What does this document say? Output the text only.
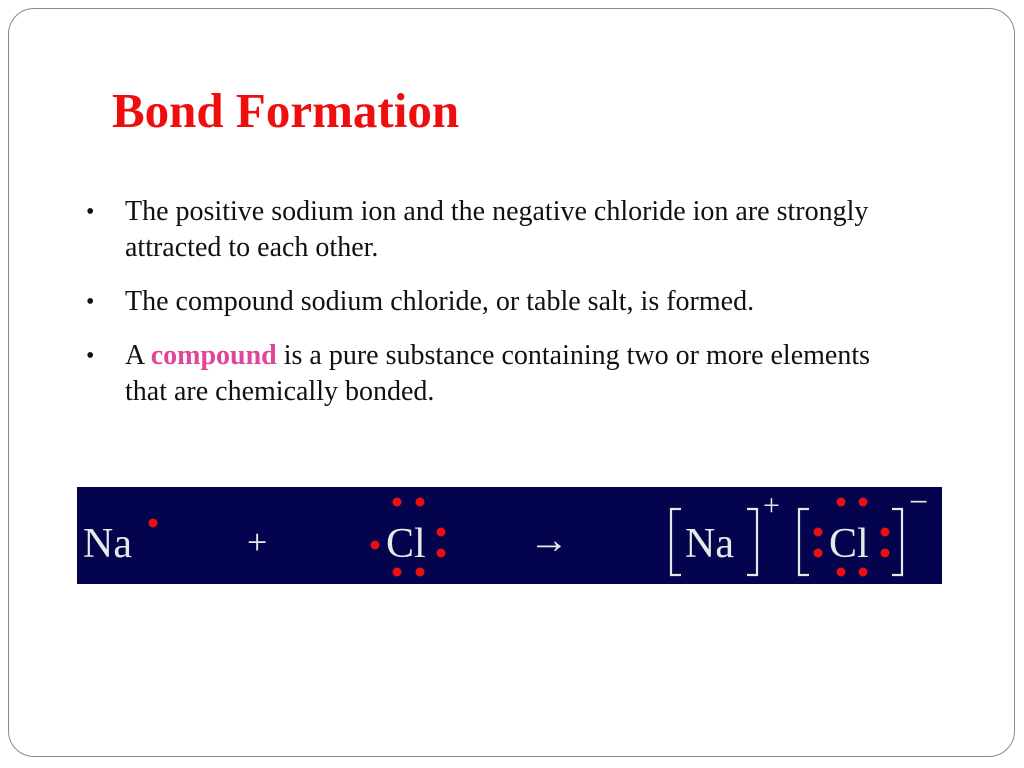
Bond Formation
• The positive sodium ion and the negative chloride ion are strongly attracted to each other.
• The compound sodium chloride, or table salt, is formed.
• A compound is a pure substance containing two or more elements that are chemically bonded.
Na	+	Cl	→	Na
+
Cl
−
